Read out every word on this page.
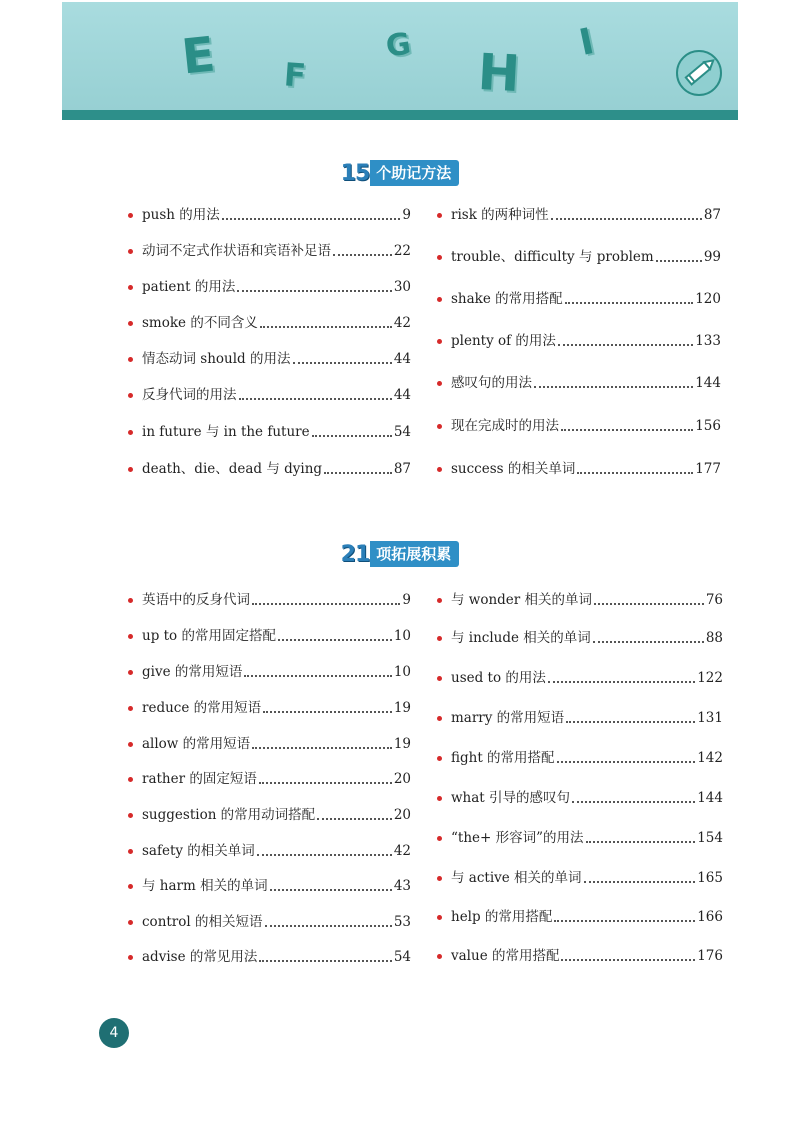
E F
G H
I
15 个助记方法
push 的用法	9
动词不定式作状语和宾语补足语	22
patient 的用法	30
smoke 的不同含义	42
情态动词 should 的用法	44
反身代词的用法	44
in future 与 in the future	54
death、die、dead 与 dying	87
risk 的两种词性	87
trouble、difficulty 与 problem	99
shake 的常用搭配	120
plenty of 的用法	133
感叹句的用法	144
现在完成时的用法	156
success 的相关单词	177
21 项拓展积累
英语中的反身代词	9
up to 的常用固定搭配	10
give 的常用短语	10
reduce 的常用短语	19
allow 的常用短语	19
rather 的固定短语	20
suggestion 的常用动词搭配	20
safety 的相关单词	42
与 harm 相关的单词	43
control 的相关短语	53
advise 的常见用法	54
与 wonder 相关的单词	76
与 include 相关的单词	88
used to 的用法	122
marry 的常用短语	131
fight 的常用搭配	142
what 引导的感叹句	144
“the+ 形容词”的用法	154
与 active 相关的单词	165
help 的常用搭配	166
value 的常用搭配	176
4
